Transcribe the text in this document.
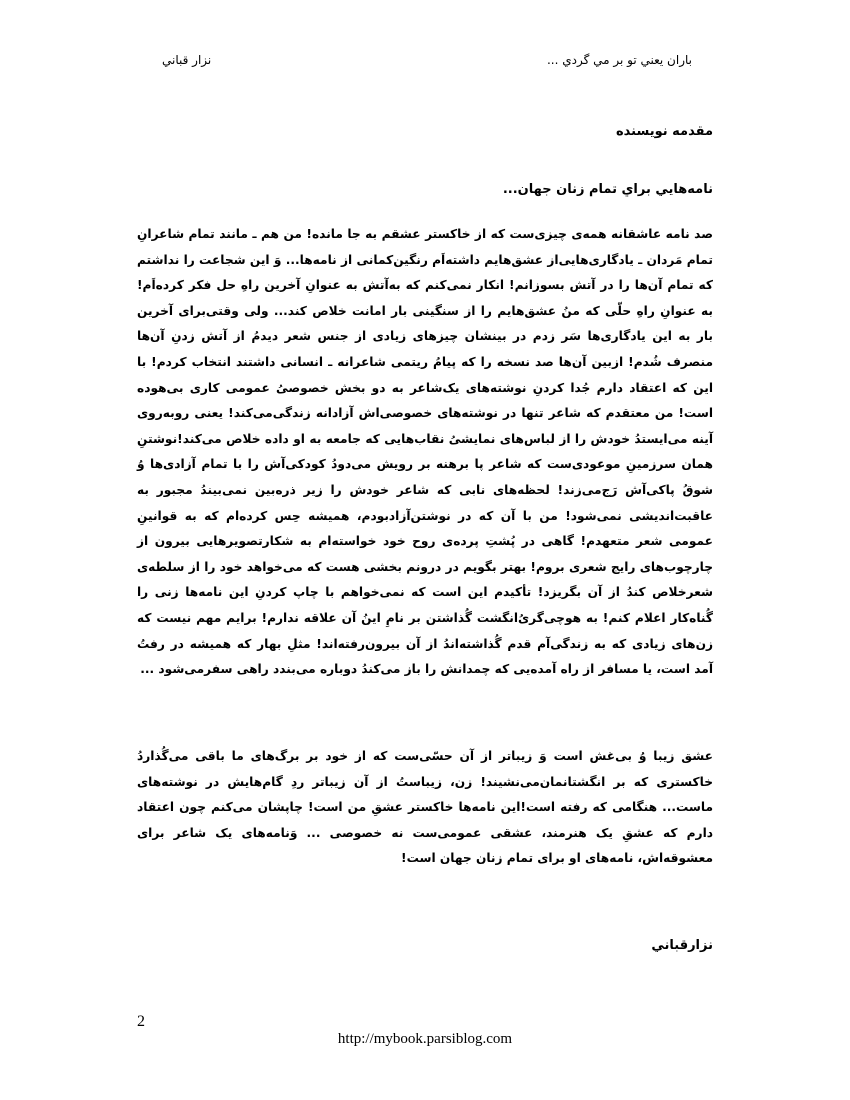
باران يعني تو بر مي گردي ...
نزار قباني
مقدمه نويسنده
نامه‌هايي براي تمام زنان جهان...
صد نامه عاشقانه همه‌ی چیزی‌ست که از خاکستر عشقم به جا مانده! من هم ـ مانند تمام شاعرانِ تمام مَردان ـ یادگاری‌هایی‌از عشق‌هایم داشته‌اَم رنگین‌کمانی از نامه‌ها... وَ این شجاعت را نداشتم که تمام آن‌ها را در آتش بسوزانم! انکار نمی‌کنم که به‌آتش به عنوانِ آخرین راهِ حل فکر کرده‌اَم! به عنوانِ راهِ حلّی که منُ عشق‌هایم را از سنگینی بار امانت خلاص کند... ولی وقتی‌برای آخرین بار به این یادگاری‌ها سَر زدم در بینشان چیزهای زیادی از جنس شعر دیدمُ از آتش زدنِ آن‌ها منصرف شُدم! ازبین آن‌ها صد نسخه را که پیامُ ریتمی شاعرانه ـ انسانی داشتند انتخاب کردم! با این که اعتقاد دارم جُدا کردنِ نوشته‌های یک‌شاعر به دو بخش خصوصیُ عمومی کاری بی‌هوده است! من معتقدم که شاعر تنها در نوشته‌های خصوصی‌اش آزادانه زندگی‌می‌کند! یعنی روبه‌روی آینه می‌ایستدُ خودش را از لباس‌های نمایشیُ نقاب‌هایی که جامعه به او داده خلاص می‌کند!نوشتنِ همان سرزمینِ موعودی‌ست که شاعر پا برهنه بر رویش می‌دودُ کودکی‌آش را با تمام آزادی‌ها وُ شوقُ پاکی‌آش رَج‌می‌زند! لحظه‌های نابی که شاعر خودش را زیر ذره‌بین نمی‌بیندُ مجبور به عاقبت‌اندیشی نمی‌شود! من با آن که در نوشتن‌آزاد‌بودم، همیشه حِس کرده‌ام که به قوانینِ عمومی شعر متعهدم! گاهی در پُشتِ پرده‌ی روح خود خواسته‌ام به شکارتصویرهایی بیرون از چارچوب‌های رایج شعری بروم! بهتر بگویم در درونم بخشی هست که می‌خواهد خود را از سلطه‌ی شعرخلاص کندُ از آن بگریزد! تأکیدم این است که نمی‌خواهم با چاپ کردنِ این نامه‌ها زنی را گُناه‌کار اعلام کنم! به هوچی‌گریُ‌انگشت گُذاشتن بر نامِ اینُ آن علاقه ندارم! برایم مهم نیست که زن‌های زیادی که به زندگی‌آم قدم گُذاشته‌اندُ از آن بیرون‌رفته‌اند! مثلِ بهار که همیشه در رفتُ آمد است، یا مسافر از راه آمده‌یی که چمدانش را باز می‌کندُ دوباره می‌بندد راهی سفرمی‌شود ...
عشق زیبا وُ بی‌غش است وَ زیباتر از آن حسّی‌ست که از خود بر برگ‌های ما باقی می‌گُذاردُ خاکستری که بر انگشتانمان‌می‌نشیند! زن، زیباستُ از آن زیباتر ردِ گام‌هایش در نوشته‌های ماست... هنگامی که رفته است!این نامه‌ها خاکستر عشقِ من است! چاپشان می‌کنم چون اعتقاد دارم که عشقِ یک هنرمند، عشقی عمومی‌ست نه خصوصی ... وَنامه‌های یک شاعر برای معشوقه‌اش، نامه‌های او برای تمام زنان جهان است!
نزارقباني
2
http://mybook.parsiblog.com
